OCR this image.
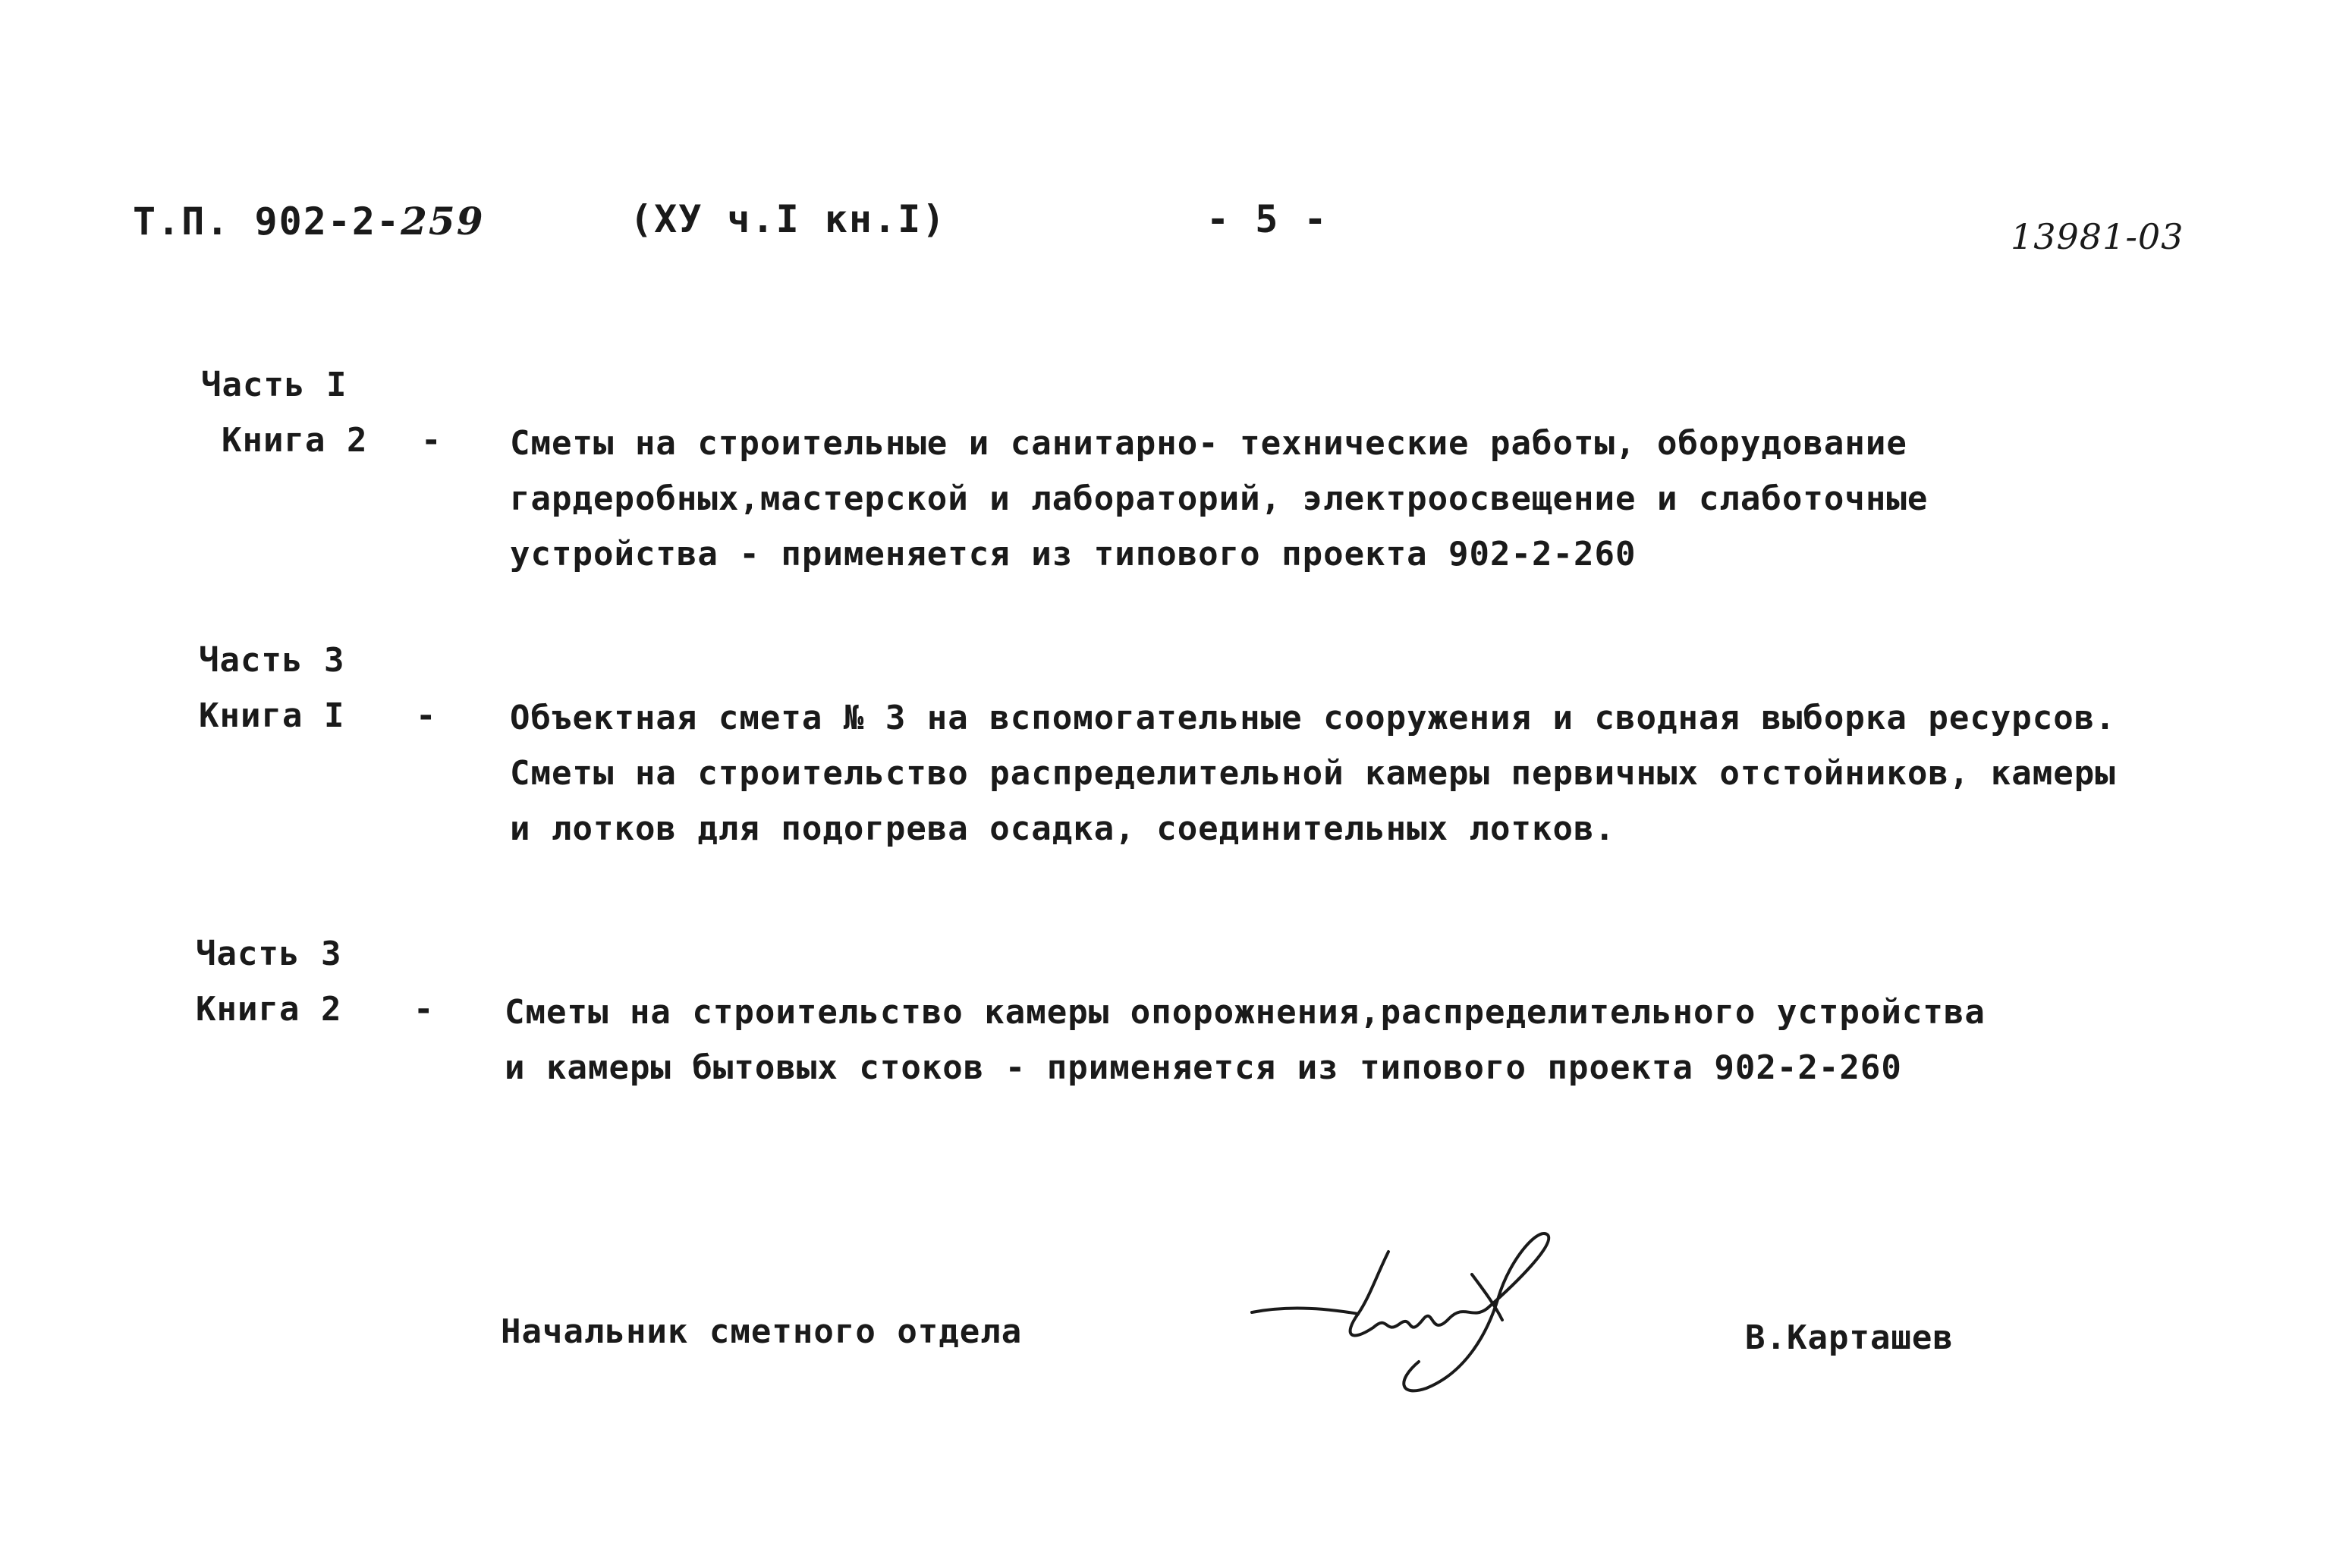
Т.П. 902-2-259	(ХУ ч.I кн.I)	- 5 -	13981-03
Часть I
Книга 2 - Сметы на строительные и санитарно- технические работы, оборудование
гардеробных,мастерской и лабораторий, электроосвещение и слаботочные
устройства - применяется из типового проекта 902-2-260
Часть 3
Книга I - Объектная смета № 3 на вспомогательные сооружения и сводная выборка ресурсов.
Сметы на строительство распределительной камеры первичных отстойников, камеры
и лотков для подогрева осадка, соединительных лотков.
Часть 3
Книга 2 - Сметы на строительство камеры опорожнения,распределительного устройства
и камеры бытовых стоков - применяется из типового проекта 902-2-260
Начальник сметного отдела	В.Карташев
